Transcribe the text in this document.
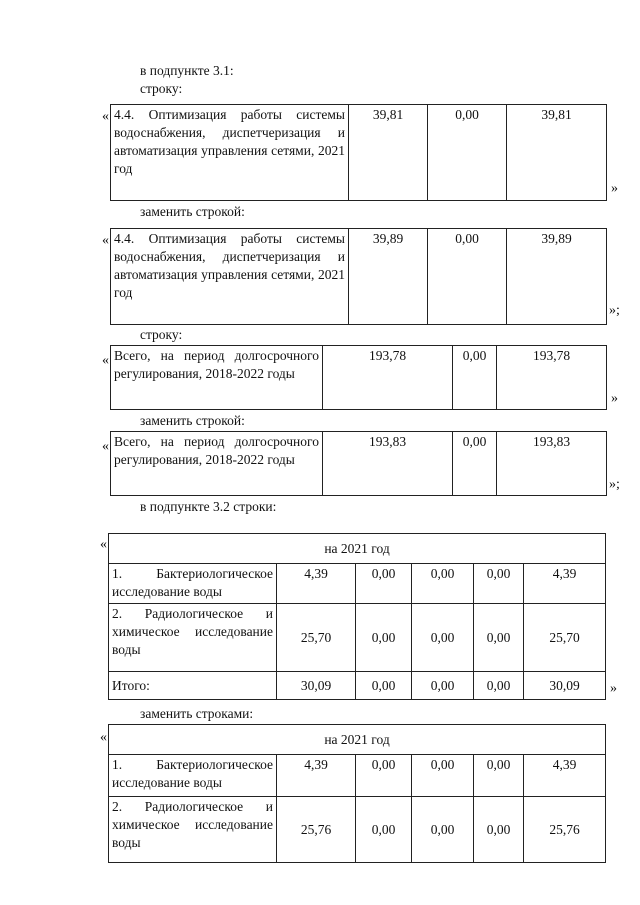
в подпункте 3.1:
строку:
« 4.4. Оптимизация работы системы водоснабжения, диспетчеризация и автоматизация управления сетями, 2021 год	39,81	0,00	39,81
»
заменить строкой:
« 4.4. Оптимизация работы системы водоснабжения, диспетчеризация и автоматизация управления сетями, 2021 год	39,89	0,00	39,89
»;
строку:
« Всего, на период долгосрочного регулирования, 2018-2022 годы	193,78	0,00	193,78
»
заменить строкой:
« Всего, на период долгосрочного регулирования, 2018-2022 годы	193,83	0,00	193,83
»;
в подпункте 3.2 строки:
«	на 2021 год					
1. Бактериологическое исследование воды	4,39	0,00	0,00	0,00	4,39
2. Радиологическое и химическое исследование воды	25,70	0,00	0,00	0,00	25,70
Итого:	30,09	0,00	0,00	0,00	30,09 »
заменить строками:
«	на 2021 год					
1. Бактериологическое исследование воды	4,39	0,00	0,00	0,00	4,39
2. Радиологическое и химическое исследование воды	25,76	0,00	0,00	0,00	25,76
